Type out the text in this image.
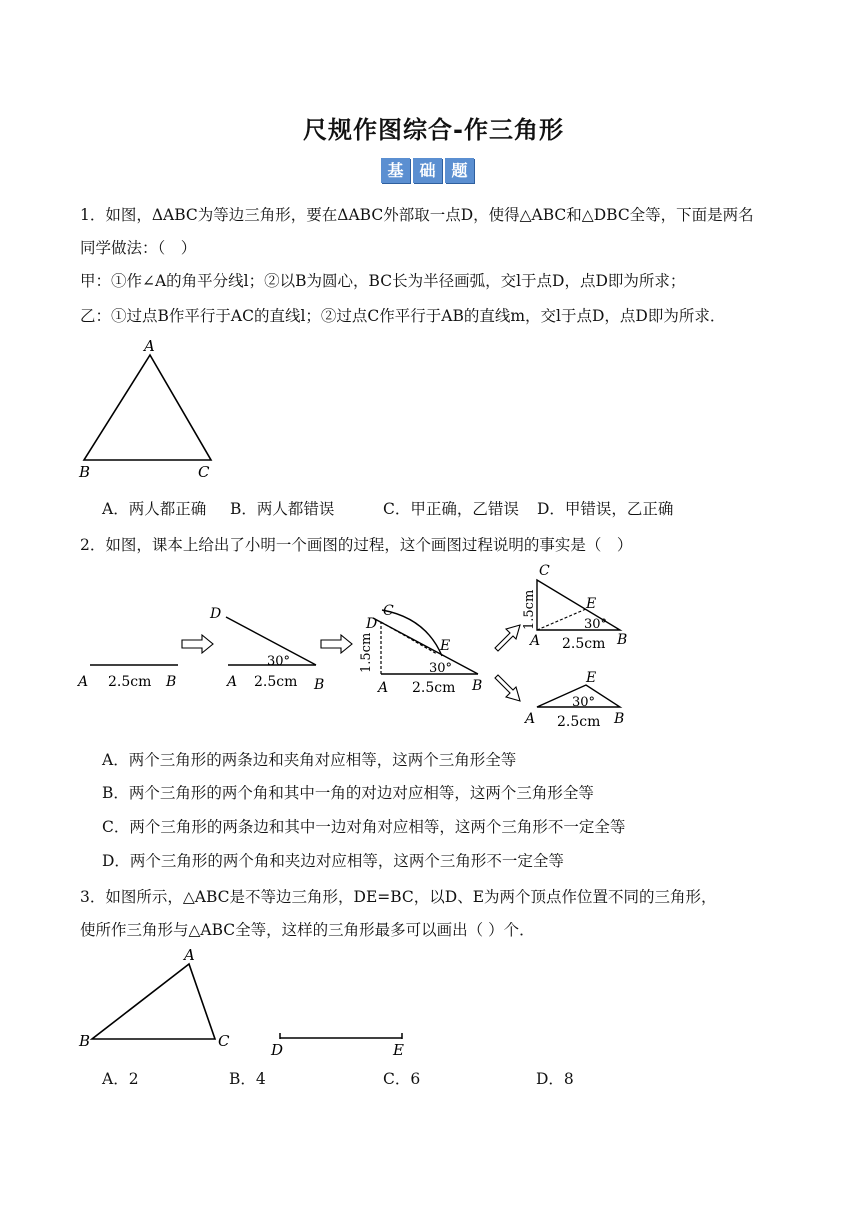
尺规作图综合-作三角形
基 础 题
1．如图，ΔABC为等边三角形，要在ΔABC外部取一点D，使得△ABC和△DBC全等，下面是两名
同学做法：（　）
甲：①作∠A的角平分线l；②以B为圆心，BC长为半径画弧，交l于点D，点D即为所求；
乙：①过点B作平行于AC的直线l；②过点C作平行于AB的直线m，交l于点D，点D即为所求．
A
B	C
A．两人都正确 B．两人都错误	C．甲正确，乙错误 D．甲错误，乙正确
2．如图，课本上给出了小明一个画图的过程，这个画图过程说明的事实是（　）
A 2.5cm B
D
30°
A 2.5cm B
D
C
E
30°
1.5cm
A 2.5cm B
C
E
30°
1.5cm
A 2.5cm B
E
30°
A 2.5cm B
A．两个三角形的两条边和夹角对应相等，这两个三角形全等
B．两个三角形的两个角和其中一角的对边对应相等，这两个三角形全等
C．两个三角形的两条边和其中一边对角对应相等，这两个三角形不一定全等
D．两个三角形的两个角和夹边对应相等，这两个三角形不一定全等
3．如图所示，△ABC是不等边三角形，DE=BC，以D、E为两个顶点作位置不同的三角形，
使所作三角形与△ABC全等，这样的三角形最多可以画出（ ）个．
A
B	C	D	E
A．2	B．4	C．6	D．8
